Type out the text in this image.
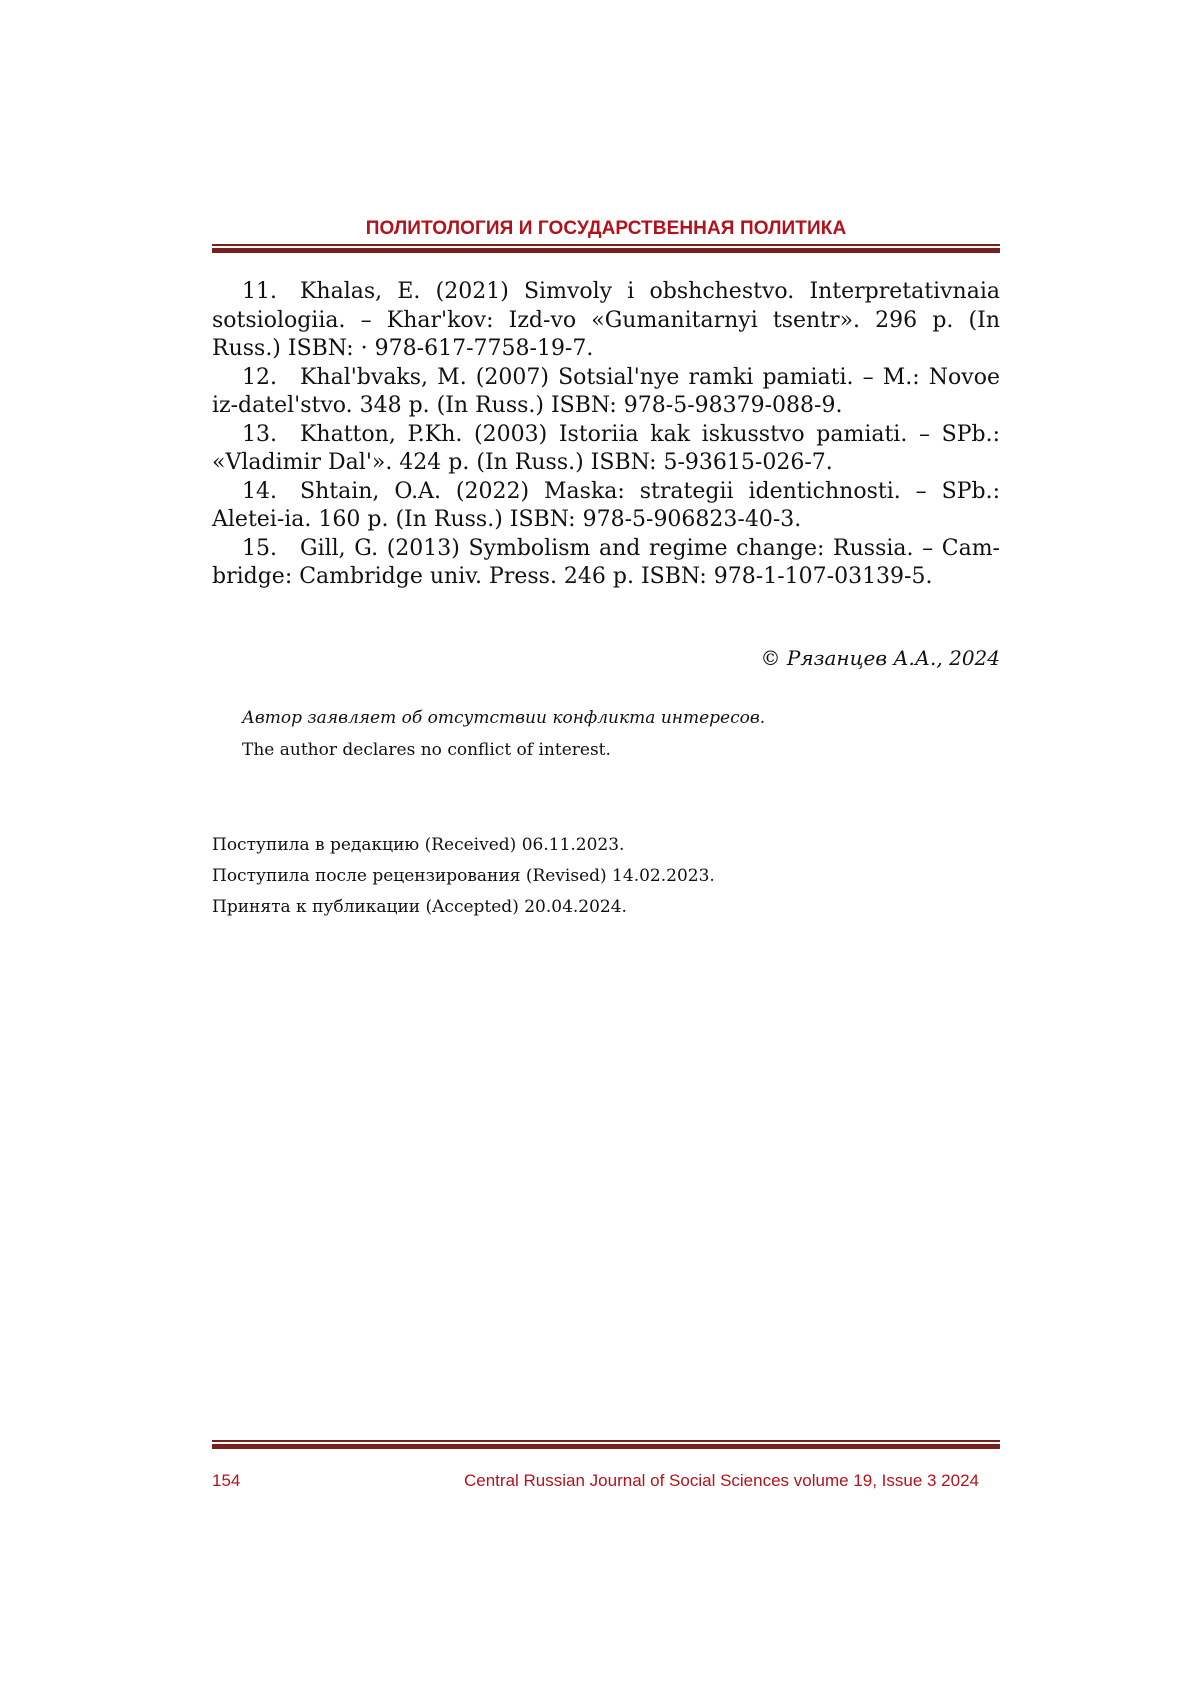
ПОЛИТОЛОГИЯ И ГОСУДАРСТВЕННАЯ ПОЛИТИКА

11. Khalas, E. (2021) Simvoly i obshchestvo. Interpretativnaia sotsiologiia. – Khar'kov: Izd-vo «Gumanitarnyi tsentr». 296 p. (In Russ.) ISBN: · 978-617-7758-19-7.

12. Khal'bvaks, M. (2007) Sotsial'nye ramki pamiati. – M.: Novoe iz-datel'stvo. 348 p. (In Russ.) ISBN: 978-5-98379-088-9.

13. Khatton, P.Kh. (2003) Istoriia kak iskusstvo pamiati. – SPb.: «Vladimir Dal'». 424 p. (In Russ.) ISBN: 5-93615-026-7.

14. Shtain, O.A. (2022) Maska: strategii identichnosti. – SPb.: Aletei-ia. 160 p. (In Russ.) ISBN: 978-5-906823-40-3.

15. Gill, G. (2013) Symbolism and regime change: Russia. – Cam-bridge: Cambridge univ. Press. 246 p. ISBN: 978-1-107-03139-5.

© Рязанцев А.А., 2024
Автор заявляет об отсутствии конфликта интересов.
The author declares no conflict of interest.
Поступила в редакцию (Received) 06.11.2023.
Поступила после рецензирования (Revised) 14.02.2023.
Принята к публикации (Accepted) 20.04.2024.
154	Central Russian Journal of Social Sciences volume 19, Issue 3 2024
